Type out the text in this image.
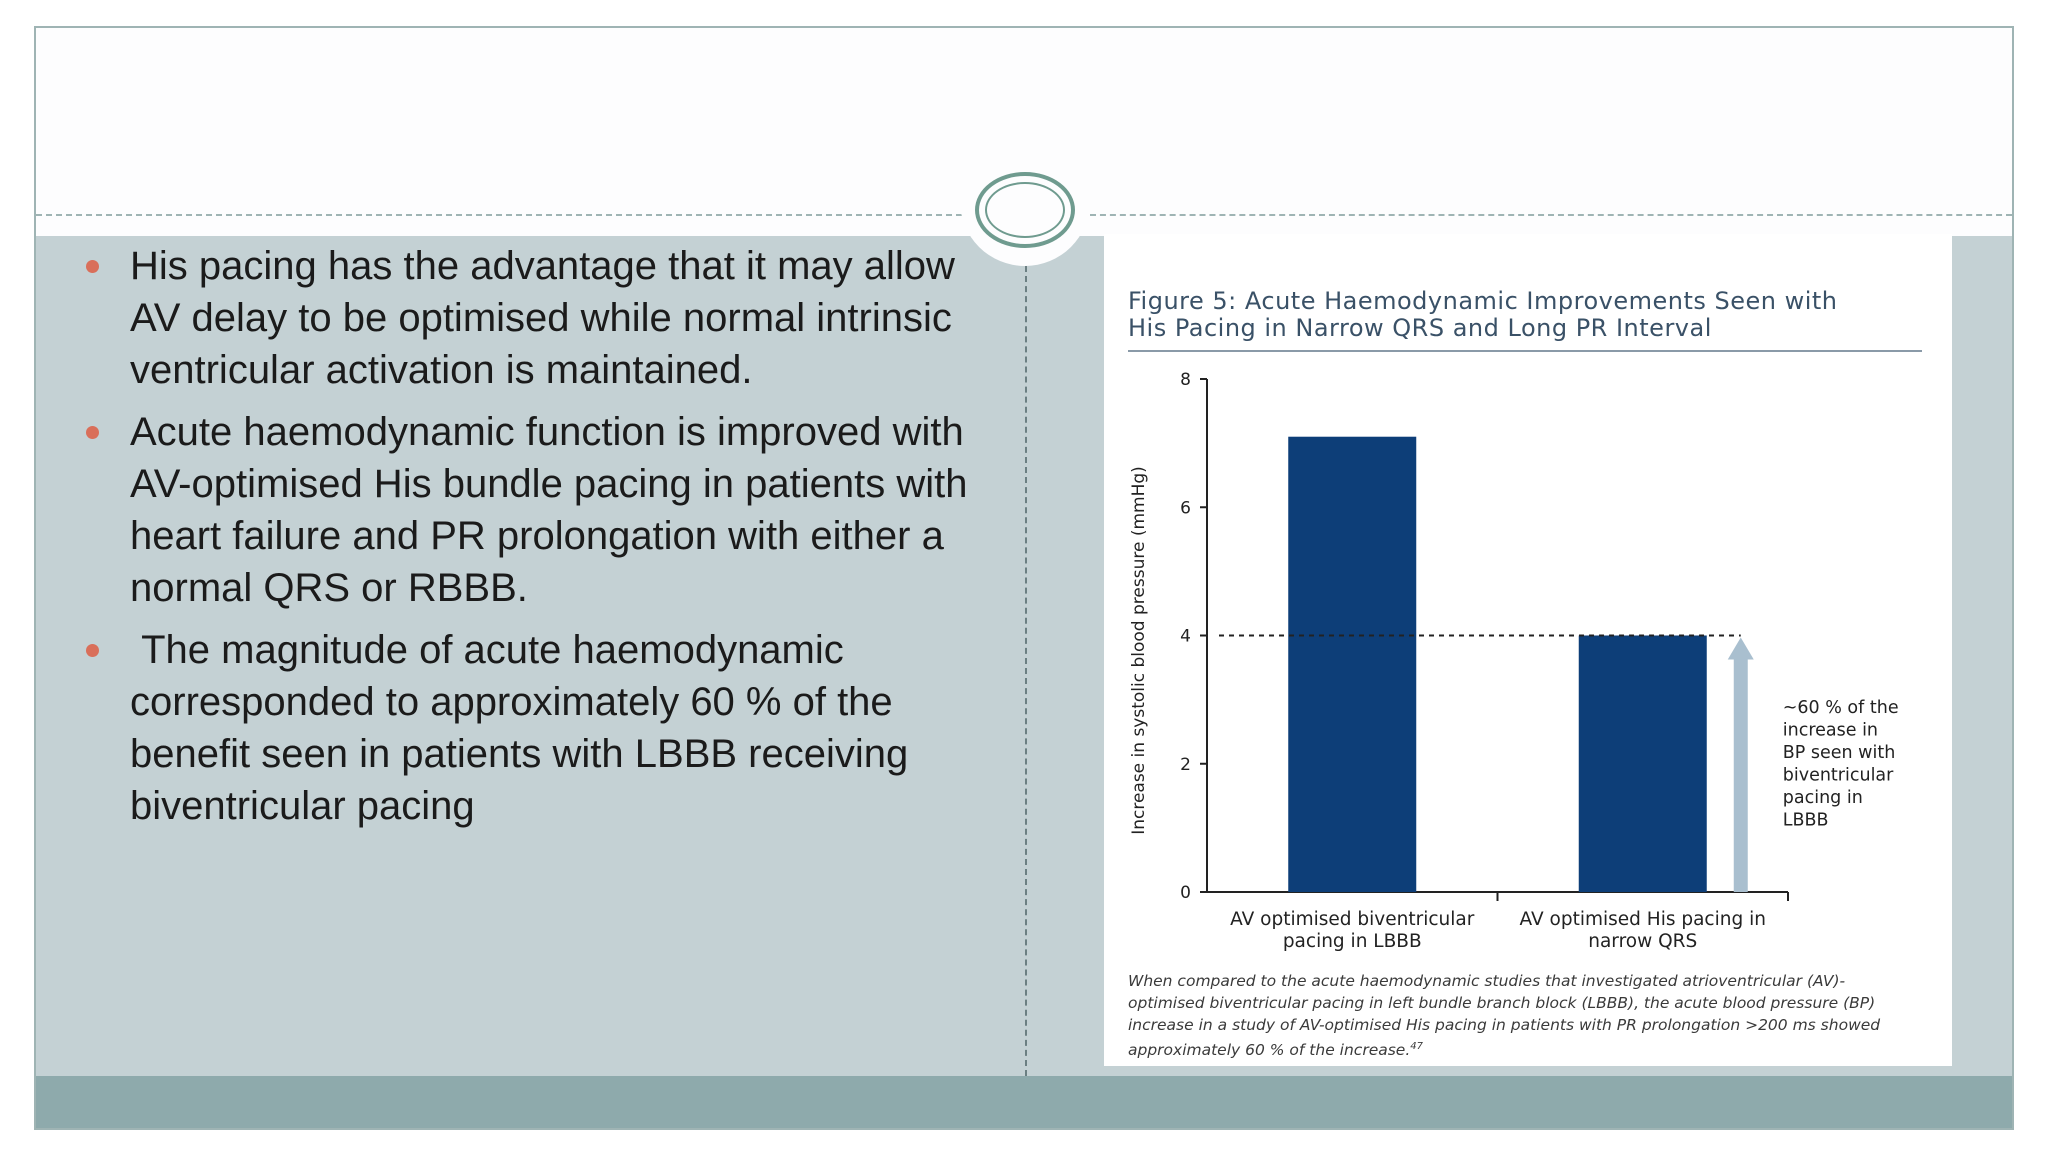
His pacing has the advantage that it may allow AV delay to be optimised while normal intrinsic ventricular activation is maintained.
Acute haemodynamic function is improved with AV-optimised His bundle pacing in patients with heart failure and PR prolongation with either a normal QRS or RBBB.
The magnitude of acute haemodynamic corresponded to approximately 60 % of the benefit seen in patients with LBBB receiving biventricular pacing
Figure 5: Acute Haemodynamic Improvements Seen with
His Pacing in Narrow QRS and Long PR Interval
0
2
4
6
8
Increase in systolic blood pressure (mmHg)
AV optimised biventricular
pacing in LBBB
AV optimised His pacing in
narrow QRS
~60 % of the
increase in
BP seen with
biventricular
pacing in
LBBB
When compared to the acute haemodynamic studies that investigated atrioventricular (AV)-optimised biventricular pacing in left bundle branch block (LBBB), the acute blood pressure (BP) increase in a study of AV-optimised His pacing in patients with PR prolongation >200 ms showed approximately 60 % of the increase.$^{47}$
